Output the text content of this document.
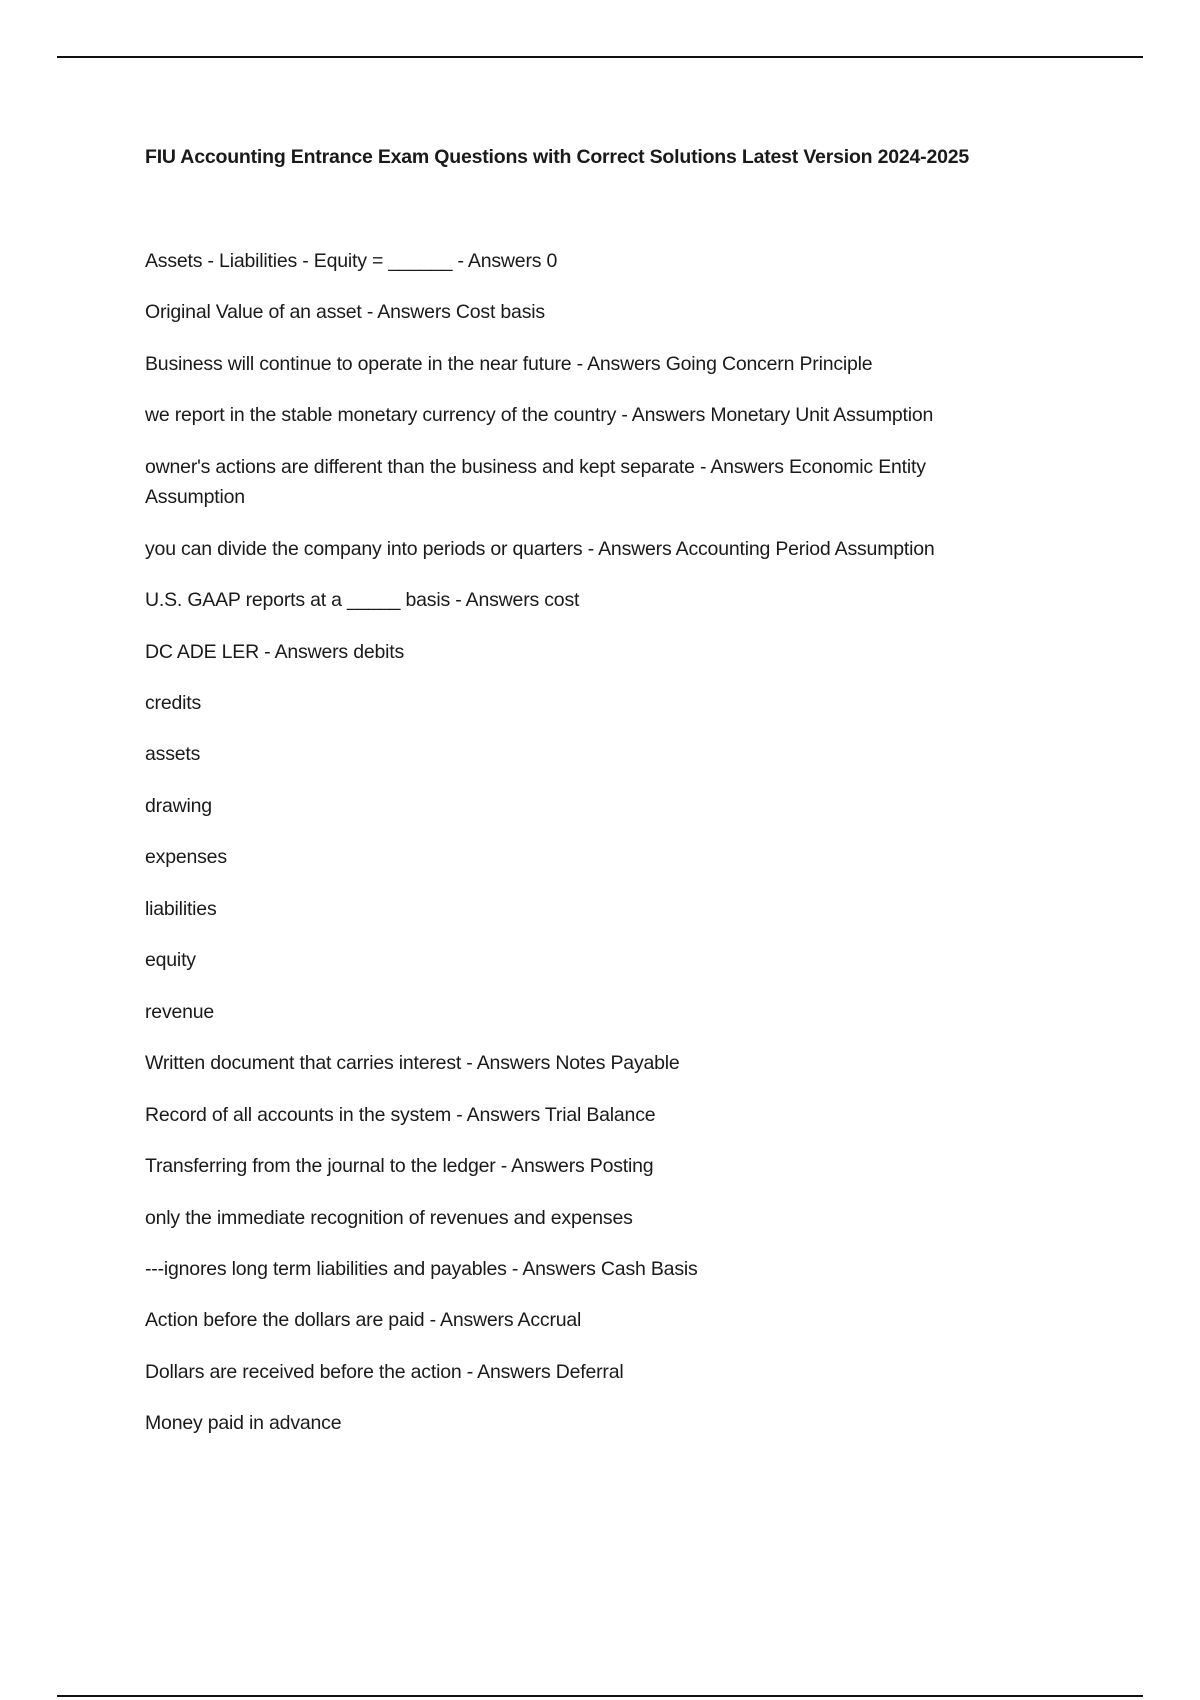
FIU Accounting Entrance Exam Questions with Correct Solutions Latest Version 2024-2025
Assets - Liabilities - Equity = ______ - Answers 0
Original Value of an asset - Answers Cost basis
Business will continue to operate in the near future - Answers Going Concern Principle
we report in the stable monetary currency of the country - Answers Monetary Unit Assumption
owner's actions are different than the business and kept separate - Answers Economic Entity Assumption
you can divide the company into periods or quarters - Answers Accounting Period Assumption
U.S. GAAP reports at a _____ basis - Answers cost
DC ADE LER - Answers debits
credits
assets
drawing
expenses
liabilities
equity
revenue
Written document that carries interest - Answers Notes Payable
Record of all accounts in the system - Answers Trial Balance
Transferring from the journal to the ledger - Answers Posting
only the immediate recognition of revenues and expenses
---ignores long term liabilities and payables - Answers Cash Basis
Action before the dollars are paid - Answers Accrual
Dollars are received before the action - Answers Deferral
Money paid in advance
